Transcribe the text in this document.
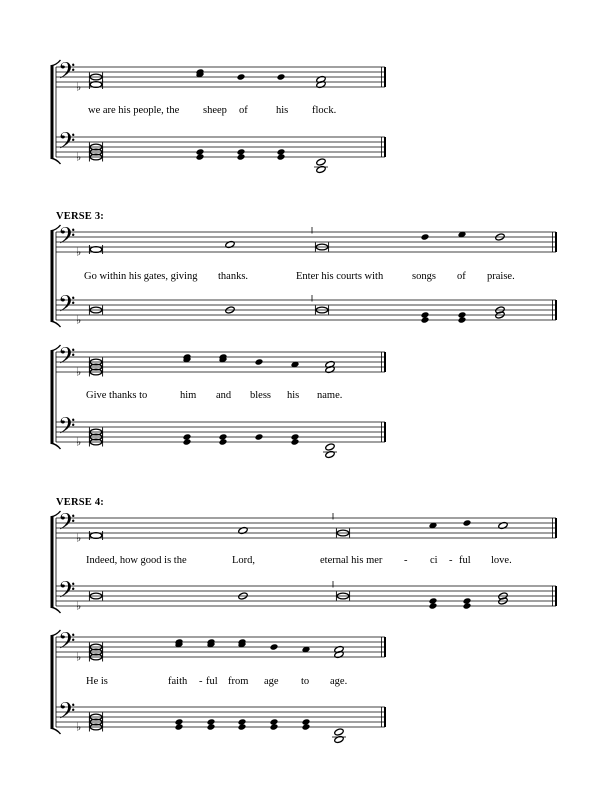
VERSE 3:
VERSE 4:
𝄢
𝄢
♭
♭
we are his people, the sheep of	his flock.
𝄢
𝄢
♭
♭
Go within his gates, giving thanks.	Enter his courts with	songs of praise.
𝄢
𝄢
♭
♭
Give thanks to	him and bless his name.
𝄢
𝄢
♭
♭
Indeed, how good is the	Lord,	eternal his mer - ci - ful love.
𝄢
𝄢
♭
♭
He is	faith - ful from age to age.
